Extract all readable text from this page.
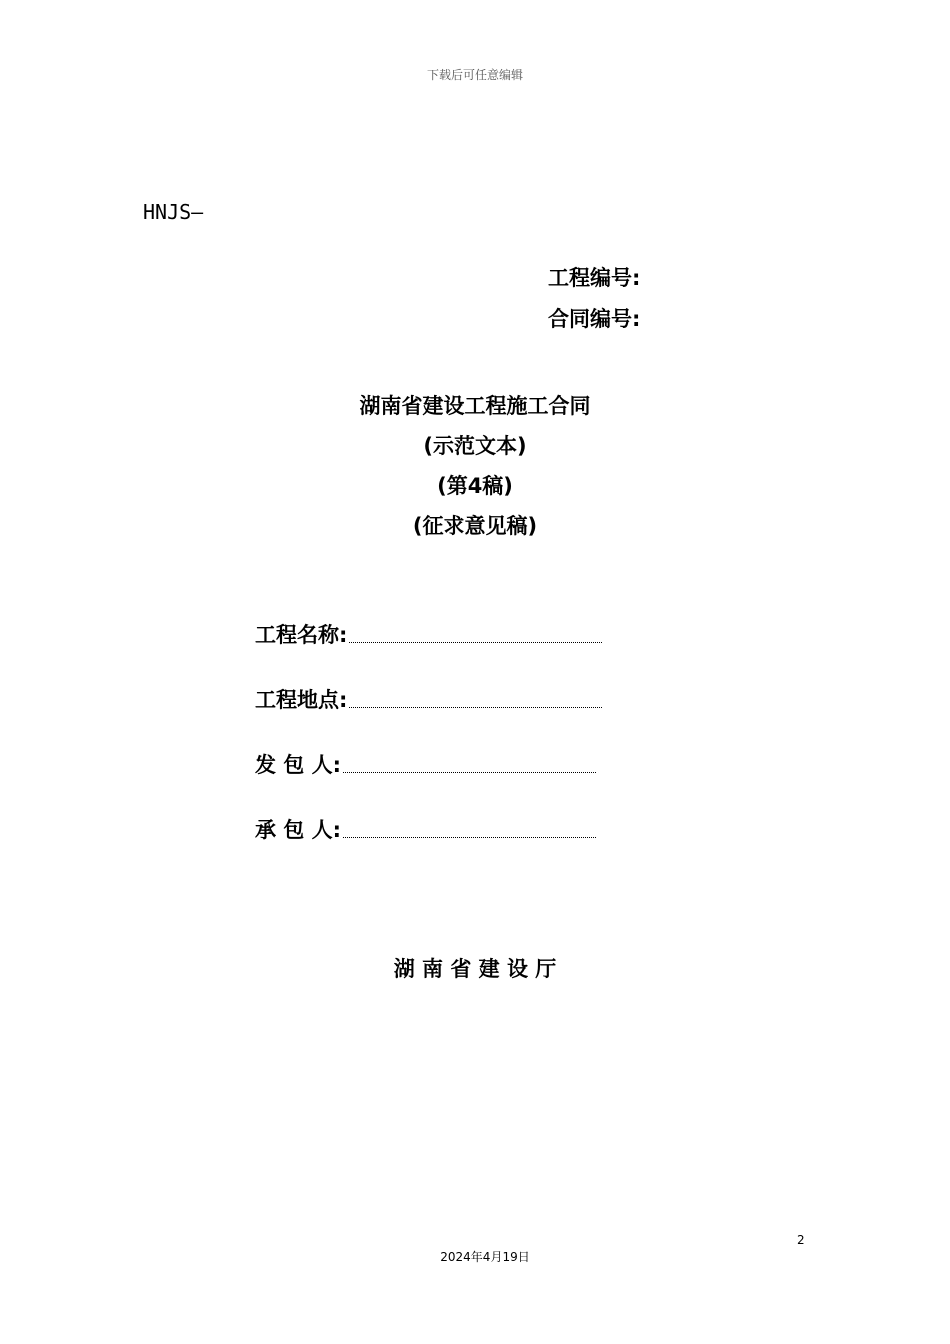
下载后可任意编辑
HNJS—
工程编号:
合同编号:
湖南省建设工程施工合同
(示范文本)
(第4稿)
(征求意见稿)
工程名称:
工程地点:
发 包 人:
承 包 人:
湖 南 省 建 设 厅
2
2024年4月19日
